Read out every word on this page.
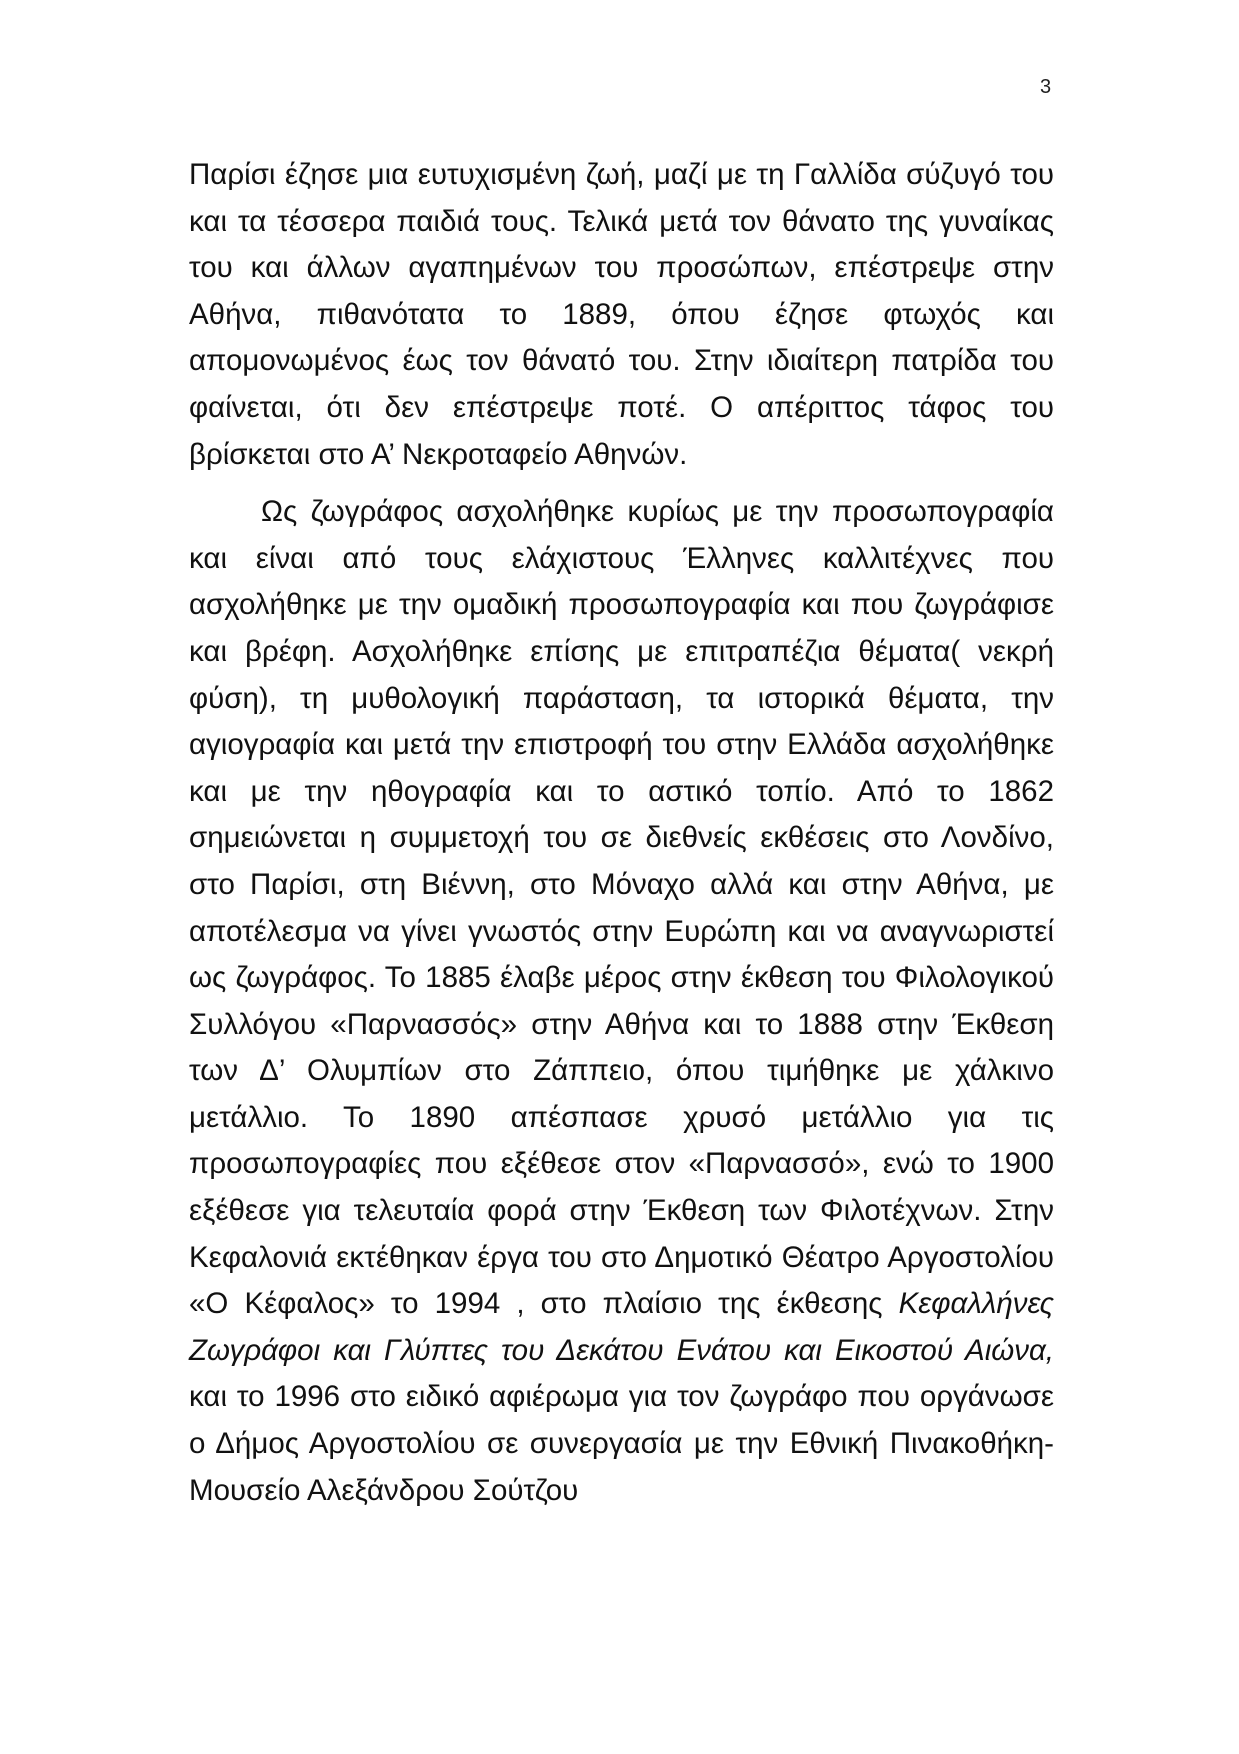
3

Παρίσι έζησε μια ευτυχισμένη ζωή, μαζί με τη Γαλλίδα σύζυγό του και τα τέσσερα παιδιά τους. Τελικά μετά τον θάνατο της γυναίκας του και άλλων αγαπημένων του προσώπων, επέστρεψε στην Αθήνα, πιθανότατα το 1889, όπου έζησε φτωχός και απομονωμένος έως τον θάνατό του. Στην ιδιαίτερη πατρίδα του φαίνεται, ότι δεν επέστρεψε ποτέ. Ο απέριττος τάφος του βρίσκεται στο Α’ Νεκροταφείο Αθηνών.

Ως ζωγράφος ασχολήθηκε κυρίως με την προσωπογραφία και είναι από τους ελάχιστους Έλληνες καλλιτέχνες που ασχολήθηκε με την ομαδική προσωπογραφία και που ζωγράφισε και βρέφη. Ασχολήθηκε επίσης με επιτραπέζια θέματα( νεκρή φύση), τη μυθολογική παράσταση, τα ιστορικά θέματα, την αγιογραφία και μετά την επιστροφή του στην Ελλάδα ασχολήθηκε και με την ηθογραφία και το αστικό τοπίο. Από το 1862 σημειώνεται η συμμετοχή του σε διεθνείς εκθέσεις στο Λονδίνο, στο Παρίσι, στη Βιέννη, στο Μόναχο αλλά και στην Αθήνα, με αποτέλεσμα να γίνει γνωστός στην Ευρώπη και να αναγνωριστεί ως ζωγράφος. Το 1885 έλαβε μέρος στην έκθεση του Φιλολογικού Συλλόγου «Παρνασσός» στην Αθήνα και το 1888 στην Έκθεση των Δ’ Ολυμπίων στο Ζάππειο, όπου τιμήθηκε με χάλκινο μετάλλιο. Το 1890 απέσπασε χρυσό μετάλλιο για τις προσωπογραφίες που εξέθεσε στον «Παρνασσό», ενώ το 1900 εξέθεσε για τελευταία φορά στην Έκθεση των Φιλοτέχνων. Στην Κεφαλονιά εκτέθηκαν έργα του στο Δημοτικό Θέατρο Αργοστολίου «Ο Κέφαλος» το 1994 , στο πλαίσιο της έκθεσης Κεφαλλήνες Ζωγράφοι και Γλύπτες του Δεκάτου Ενάτου και Εικοστού Αιώνα, και το 1996 στο ειδικό αφιέρωμα για τον ζωγράφο που οργάνωσε ο Δήμος Αργοστολίου σε συνεργασία με την Εθνική Πινακοθήκη-Μουσείο Αλεξάνδρου Σούτζου
